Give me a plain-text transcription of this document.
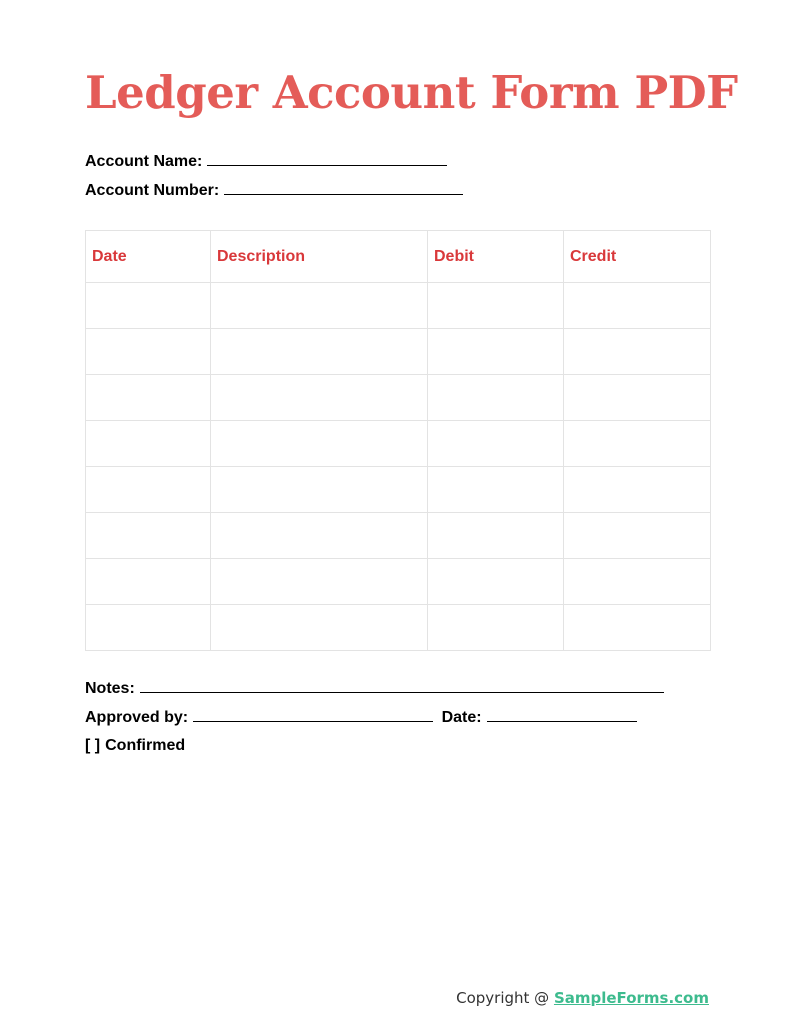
Ledger Account Form PDF
Account Name:
Account Number:
Date	Description	Debit	Credit

Notes:
Approved by:	Date:
[ ] Confirmed
Copyright @ SampleForms.com
